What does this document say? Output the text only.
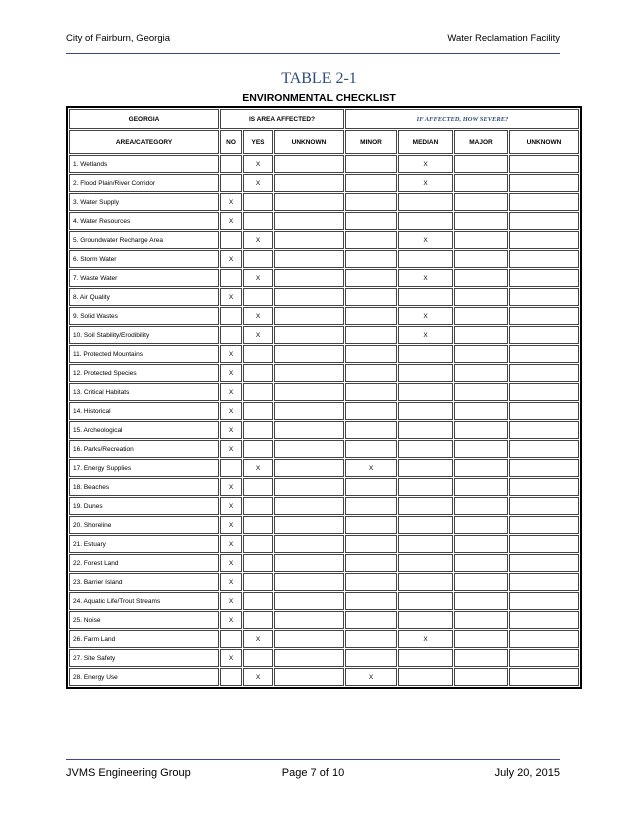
City of Fairburn, Georgia	Water Reclamation Facility
TABLE 2-1
ENVIRONMENTAL CHECKLIST
GEORGIA	IS AREA AFFECTED?			IF AFFECTED, HOW SEVERE?			
AREA/CATEGORY	NO	YES	UNKNOWN	MINOR	MEDIAN	MAJOR	UNKNOWN
1. Wetlands		X			X		
2. Flood Plain/River Corridor		X			X		
3. Water Supply	X						
4. Water Resources	X						
5. Groundwater Recharge Area		X			X		
6. Storm Water	X						
7. Waste Water		X			X		
8. Air Quality	X						
9. Solid Wastes		X			X		
10. Soil Stability/Erodibility		X			X		
11. Protected Mountains	X						
12. Protected Species	X						
13. Critical Habitats	X						
14. Historical	X						
15. Archeological	X						
16. Parks/Recreation	X						
17. Energy Supplies		X		X			
18. Beaches	X						
19. Dunes	X						
20. Shoreline	X						
21. Estuary	X						
22. Forest Land	X						
23. Barrier Island	X						
24. Aquatic Life/Trout Streams	X						
25. Noise	X						
26. Farm Land		X			X		
27. Site Safety	X						
28. Energy Use		X		X			
JVMS Engineering Group	Page 7 of 10	July 20, 2015
